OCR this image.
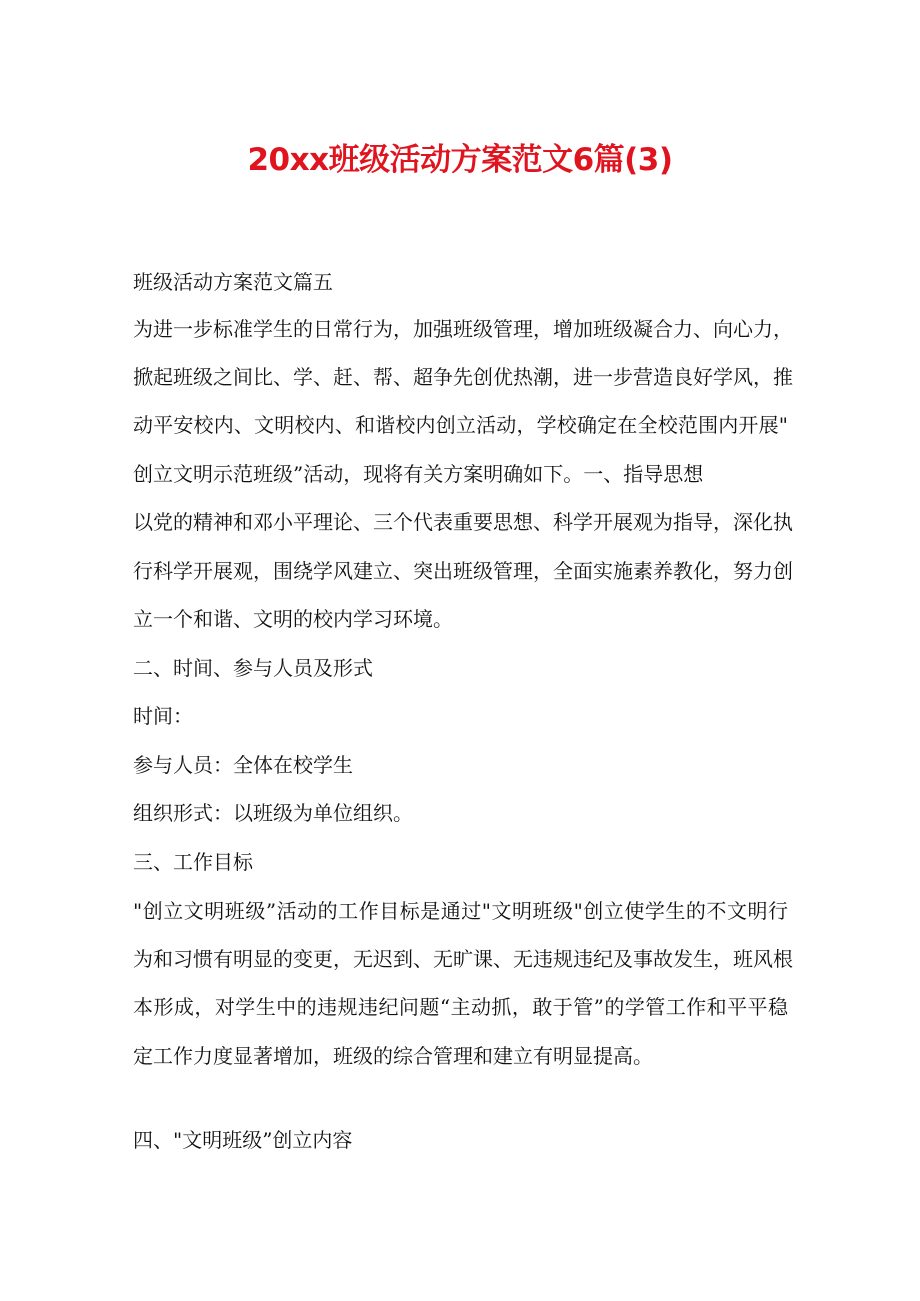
20xx班级活动方案范文6篇(3)
班级活动方案范文篇五
为进一步标准学生的日常行为，加强班级管理，增加班级凝合力、向心力，
掀起班级之间比、学、赶、帮、超争先创优热潮，进一步营造良好学风，推
动平安校内、文明校内、和谐校内创立活动，学校确定在全校范围内开展"
创立文明示范班级”活动，现将有关方案明确如下。一、指导思想
以党的精神和邓小平理论、三个代表重要思想、科学开展观为指导，深化执
行科学开展观，围绕学风建立、突出班级管理，全面实施素养教化，努力创
立一个和谐、文明的校内学习环境。
二、时间、参与人员及形式
时间：
参与人员：全体在校学生
组织形式：以班级为单位组织。
三、工作目标
"创立文明班级”活动的工作目标是通过"文明班级"创立使学生的不文明行
为和习惯有明显的变更，无迟到、无旷课、无违规违纪及事故发生，班风根
本形成，对学生中的违规违纪问题“主动抓，敢于管”的学管工作和平平稳
定工作力度显著增加，班级的综合管理和建立有明显提高。
四、"文明班级”创立内容
